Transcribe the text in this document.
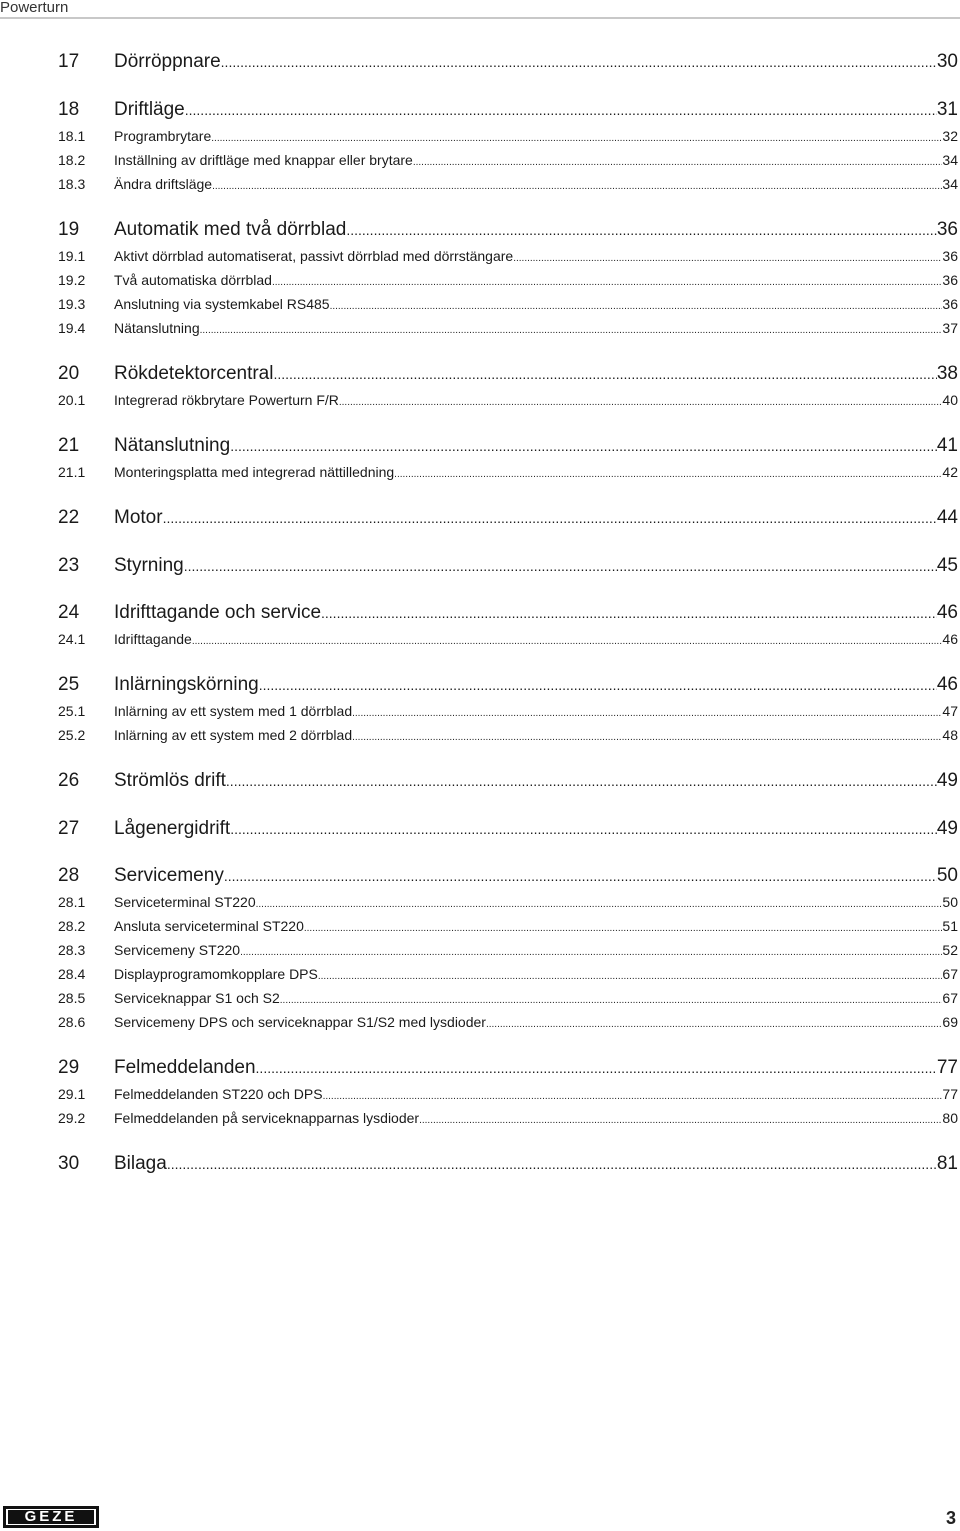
Powerturn
17	Dörröppnare .....	30
18	Driftläge .....	31
18.1	Programbrytare .....	32
18.2	Inställning av driftläge med knappar eller brytare .....	34
18.3	Ändra driftsläge .....	34
19	Automatik med två dörrblad .....	36
19.1	Aktivt dörrblad automatiserat, passivt dörrblad med dörrstängare .....	36
19.2	Två automatiska dörrblad .....	36
19.3	Anslutning via systemkabel RS485 .....	36
19.4	Nätanslutning .....	37
20	Rökdetektorcentral .....	38
20.1	Integrerad rökbrytare Powerturn F/R .....	40
21	Nätanslutning .....	41
21.1	Monteringsplatta med integrerad nättilledning .....	42
22	Motor .....	44
23	Styrning .....	45
24	Idrifttagande och service .....	46
24.1	Idrifttagande .....	46
25	Inlärningskörning .....	46
25.1	Inlärning av ett system med 1 dörrblad .....	47
25.2	Inlärning av ett system med 2 dörrblad .....	48
26	Strömlös drift .....	49
27	Lågenergidrift .....	49
28	Servicemeny .....	50
28.1	Serviceterminal ST220 .....	50
28.2	Ansluta serviceterminal ST220 .....	51
28.3	Servicemeny ST220 .....	52
28.4	Displayprogramomkopplare DPS .....	67
28.5	Serviceknappar S1 och S2 .....	67
28.6	Servicemeny DPS och serviceknappar S1/S2 med lysdioder .....	69
29	Felmeddelanden .....	77
29.1	Felmeddelanden ST220 och DPS .....	77
29.2	Felmeddelanden på serviceknapparnas lysdioder .....	80
30	Bilaga .....	81
GEZE	3
